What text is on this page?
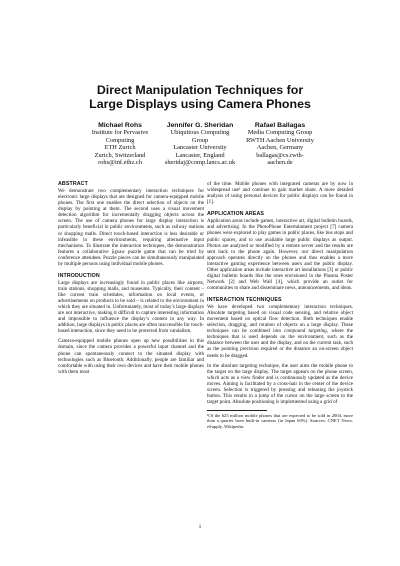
Direct Manipulation Techniques for
Large Displays using Camera Phones
Michael Rohs
Institute for Pervasive
Computing
ETH Zurich
Zurich, Switzerland
rohs@inf.ethz.ch
Jennifer G. Sheridan
Ubiquitous Computing
Group
Lancaster University
Lancaster, England
sheridaj@comp.lancs.ac.uk
Rafael Ballagas
Media Computing Group
RWTH Aachen University
Aachen, Germany
ballagas@cs.rwth-
aachen.de
ABSTRACT

We demonstrate two complementary interaction techniques for electronic large displays that are designed for camera-equipped mobile phones. The first one enables the direct selection of objects on the display by pointing at them. The second uses a visual movement detection algorithm for incrementally dragging objects across the screen. The use of camera phones for large display interaction is particularly beneficial in public environments, such as railway stations or shopping malls. Direct touch-based interaction is less desirable or infeasible in these environments, requiring alternative input mechanisms. To illustrate the interaction techniques, the demonstration features a collaborative jigsaw puzzle game that can be tried by conference attendees. Puzzle pieces can be simultaneously manipulated by multiple persons using individual mobile phones.

INTRODUCTION

Large displays are increasingly found in public places like airports, train stations, shopping malls, and museums. Typically, their content – like current train schedules, information on local events, or advertisements on products to be sold – is related to the environment in which they are situated in. Unfortunately, most of today’s large displays are not interactive, making it difficult to capture interesting information and impossible to influence the display’s content in any way. In addition, large displays in public places are often inaccessible for touch-based interaction, since they need to be protected from vandalism.

Camera-equipped mobile phones open up new possibilities in this domain, since the camera provides a powerful input channel and the phone can spontaneously connect to the situated display with technologies such as Bluetooth. Additionally, people are familiar and comfortable with using their own devices and have their mobile phones with them most

of the time. Mobile phones with integrated cameras are by now in widespread use¹ and continue to gain market share. A more detailed analysis of using personal devices for public displays can be found in [1].

APPLICATION AREAS

Application areas include games, interactive art, digital bulletin boards, and advertising. In the PhotoPhone Entertainment project [7] camera phones were explored to play games in public places, like bus stops and public spaces, and to use available large public displays as output. Photos are analyzed or modified by a remote server and the results are sent back to the phone again. However, our direct manipulation approach operates directly on the phones and thus enables a more interactive gaming experience between users and the public display. Other application areas include interactive art installations [3] or public digital bulletin boards like the ones envisioned in the Plasma Poster Network [2] and Web Wall [4], which provide an outlet for communities to share and disseminate news, announcements, and ideas.

INTERACTION TECHNIQUES

We have developed two complementary interaction techniques. Absolute targeting based on visual code sensing, and relative object movement based on optical flow detection. Both techniques enable selection, dragging, and rotation of objects on a large display. These techniques can be combined into compound targeting, where the techniques that is used depends on the environment, such as the distance between the user and the display, and on the current task, such as the pointing precision required or the distance an on-screen object needs to be dragged.

In the absolute targeting technique, the user aims the mobile phone to the target on the large display. The target appears on the phone screen, which acts as a view finder and is continuously updated as the device moves. Aiming is facilitated by a cross-hair in the center of the device screen. Selection is triggered by pressing and releasing the joystick button. This results in a jump of the cursor on the large screen to the target point. Absolute positioning is implemented using a grid of

¹Of the 625 million mobile phones that are expected to be sold in 2004, more than a quarter have built-in cameras (in Japan 60%). Sources: CNET News, eSupply, Wikipedia.
1
